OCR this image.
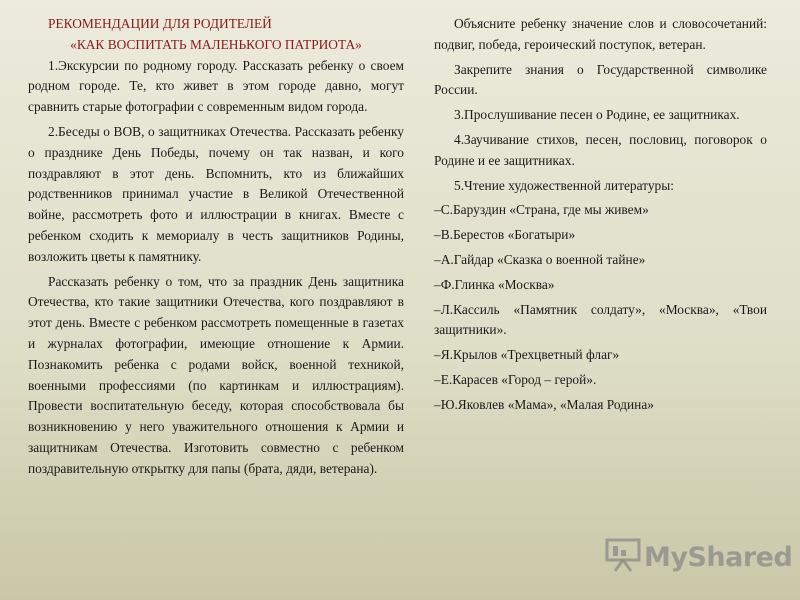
РЕКОМЕНДАЦИИ ДЛЯ РОДИТЕЛЕЙ

«КАК ВОСПИТАТЬ МАЛЕНЬКОГО ПАТРИОТА»

1.Экскурсии по родному городу. Рассказать ребенку о своем родном городе. Те, кто живет в этом городе давно, могут сравнить старые фотографии с современным видом города.

2.Беседы о ВОВ, о защитниках Отечества. Рассказать ребенку о празднике День Победы, почему он так назван, и кого поздравляют в этот день. Вспомнить, кто из ближайших родственников принимал участие в Великой Отечественной войне, рассмотреть фото и иллюстрации в книгах. Вместе с ребенком сходить к мемориалу в честь защитников Родины, возложить цветы к памятнику.

Рассказать ребенку о том, что за праздник День защитника Отечества, кто такие защитники Отечества, кого поздравляют в этот день. Вместе с ребенком рассмотреть помещенные в газетах и журналах фотографии, имеющие отношение к Армии. Познакомить ребенка с родами войск, военной техникой, военными профессиями (по картинкам и иллюстрациям). Провести воспитательную беседу, которая способствовала бы возникновению у него уважительного отношения к Армии и защитникам Отечества. Изготовить совместно с ребенком поздравительную открытку для папы (брата, дяди, ветерана).

Объясните ребенку значение слов и словосочетаний: подвиг, победа, героический поступок, ветеран.

Закрепите знания о Государственной символике России.

3.Прослушивание песен о Родине, ее защитниках.

4.Заучивание стихов, песен, пословиц, поговорок о Родине и ее защитниках.

5.Чтение художественной литературы:

–С.Баруздин «Страна, где мы живем»

–В.Берестов «Богатыри»

–А.Гайдар «Сказка о военной тайне»

–Ф.Глинка «Москва»

–Л.Кассиль «Памятник солдату», «Москва», «Твои защитники».

–Я.Крылов «Трехцветный флаг»

–Е.Карасев «Город – герой».

–Ю.Яковлев «Мама», «Малая Родина»

MyShared
